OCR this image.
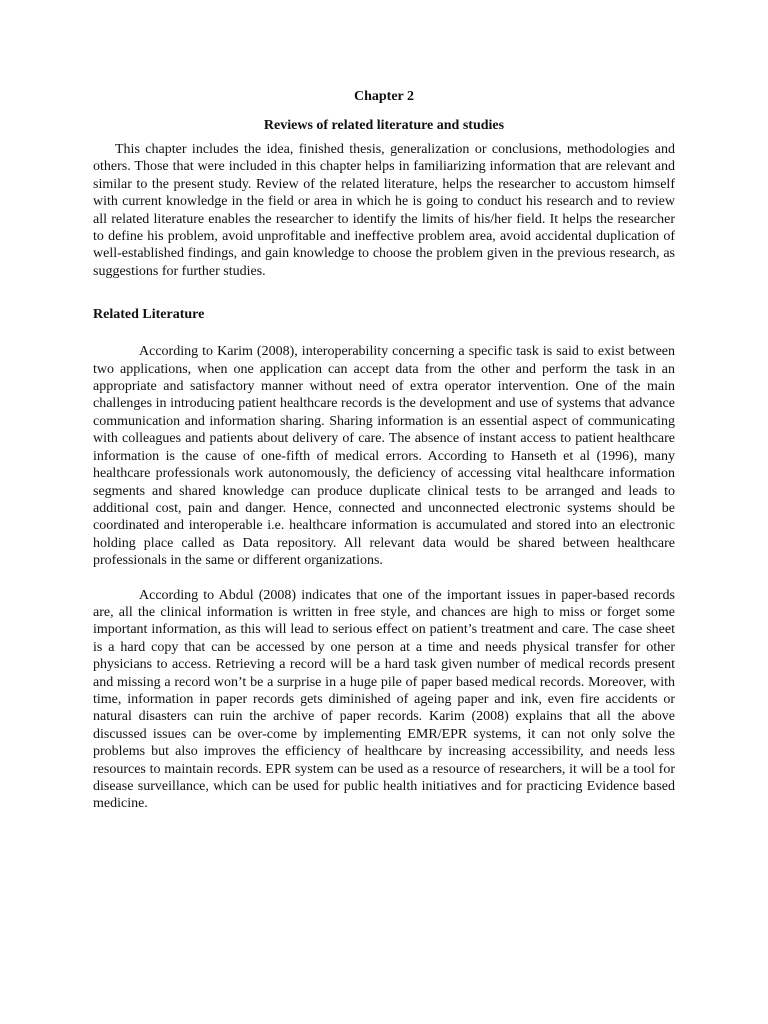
Chapter 2

Reviews of related literature and studies

This chapter includes the idea, finished thesis, generalization or conclusions, methodologies and others. Those that were included in this chapter helps in familiarizing information that are relevant and similar to the present study. Review of the related literature, helps the researcher to accustom himself with current knowledge in the field or area in which he is going to conduct his research and to review all related literature enables the researcher to identify the limits of his/her field. It helps the researcher to define his problem, avoid unprofitable and ineffective problem area, avoid accidental duplication of well-established findings, and gain knowledge to choose the problem given in the previous research, as suggestions for further studies.

Related Literature

According to Karim (2008), interoperability concerning a specific task is said to exist between two applications, when one application can accept data from the other and perform the task in an appropriate and satisfactory manner without need of extra operator intervention. One of the main challenges in introducing patient healthcare records is the development and use of systems that advance communication and information sharing. Sharing information is an essential aspect of communicating with colleagues and patients about delivery of care. The absence of instant access to patient healthcare information is the cause of one-fifth of medical errors. According to Hanseth et al (1996), many healthcare professionals work autonomously, the deficiency of accessing vital healthcare information segments and shared knowledge can produce duplicate clinical tests to be arranged and leads to additional cost, pain and danger. Hence, connected and unconnected electronic systems should be coordinated and interoperable i.e. healthcare information is accumulated and stored into an electronic holding place called as Data repository. All relevant data would be shared between healthcare professionals in the same or different organizations.

According to Abdul (2008) indicates that one of the important issues in paper-based records are, all the clinical information is written in free style, and chances are high to miss or forget some important information, as this will lead to serious effect on patient’s treatment and care. The case sheet is a hard copy that can be accessed by one person at a time and needs physical transfer for other physicians to access. Retrieving a record will be a hard task given number of medical records present and missing a record won’t be a surprise in a huge pile of paper based medical records. Moreover, with time, information in paper records gets diminished of ageing paper and ink, even fire accidents or natural disasters can ruin the archive of paper records. Karim (2008) explains that all the above discussed issues can be over-come by implementing EMR/EPR systems, it can not only solve the problems but also improves the efficiency of healthcare by increasing accessibility, and needs less resources to maintain records. EPR system can be used as a resource of researchers, it will be a tool for disease surveillance, which can be used for public health initiatives and for practicing Evidence based medicine.
